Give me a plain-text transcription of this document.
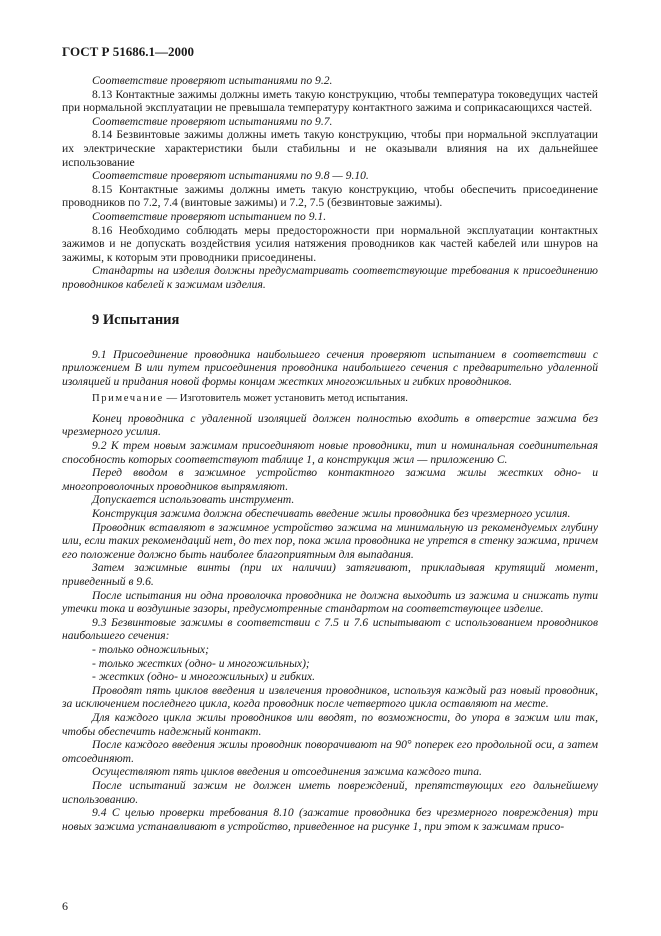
ГОСТ Р 51686.1—2000

Соответствие проверяют испытаниями по 9.2.

8.13 Контактные зажимы должны иметь такую конструкцию, чтобы температура токоведущих частей при нормальной эксплуатации не превышала температуру контактного зажима и соприкасающихся частей.

Соответствие проверяют испытаниями по 9.7.

8.14 Безвинтовые зажимы должны иметь такую конструкцию, чтобы при нормальной эксплуатации их электрические характеристики были стабильны и не оказывали влияния на их дальнейшее использование

Соответствие проверяют испытаниями по 9.8 — 9.10.

8.15 Контактные зажимы должны иметь такую конструкцию, чтобы обеспечить присоединение проводников по 7.2, 7.4 (винтовые зажимы) и 7.2, 7.5 (безвинтовые зажимы).

Соответствие проверяют испытанием по 9.1.

8.16 Необходимо соблюдать меры предосторожности при нормальной эксплуатации контактных зажимов и не допускать воздействия усилия натяжения проводников как частей кабелей или шнуров на зажимы, к которым эти проводники присоединены.

Стандарты на изделия должны предусматривать соответствующие требования к присоединению проводников кабелей к зажимам изделия.

9 Испытания

9.1 Присоединение проводника наибольшего сечения проверяют испытанием в соответствии с приложением В или путем присоединения проводника наибольшего сечения с предварительно удаленной изоляцией и придания новой формы концам жестких многожильных и гибких проводников.

Примечание — Изготовитель может установить метод испытания.

Конец проводника с удаленной изоляцией должен полностью входить в отверстие зажима без чрезмерного усилия.

9.2 К трем новым зажимам присоединяют новые проводники, тип и номинальная соединительная способность которых соответствуют таблице 1, а конструкция жил — приложению С.

Перед вводом в зажимное устройство контактного зажима жилы жестких одно- и многопроволочных проводников выпрямляют.

Допускается использовать инструмент.

Конструкция зажима должна обеспечивать введение жилы проводника без чрезмерного усилия.

Проводник вставляют в зажимное устройство зажима на минимальную из рекомендуемых глубину или, если таких рекомендаций нет, до тех пор, пока жила проводника не упрется в стенку зажима, причем его положение должно быть наиболее благоприятным для выпадания.

Затем зажимные винты (при их наличии) затягивают, прикладывая крутящий момент, приведенный в 9.6.

После испытания ни одна проволочка проводника не должна выходить из зажима и снижать пути утечки тока и воздушные зазоры, предусмотренные стандартом на соответствующее изделие.

9.3 Безвинтовые зажимы в соответствии с 7.5 и 7.6 испытывают с использованием проводников наибольшего сечения:

- только одножильных;

- только жестких (одно- и многожильных);

- жестких (одно- и многожильных) и гибких.

Проводят пять циклов введения и извлечения проводников, используя каждый раз новый проводник, за исключением последнего цикла, когда проводник после четвертого цикла оставляют на месте.

Для каждого цикла жилы проводников или вводят, по возможности, до упора в зажим или так, чтобы обеспечить надежный контакт.

После каждого введения жилы проводник поворачивают на 90° поперек его продольной оси, а затем отсоединяют.

Осуществляют пять циклов введения и отсоединения зажима каждого типа.

После испытаний зажим не должен иметь повреждений, препятствующих его дальнейшему использованию.

9.4 С целью проверки требования 8.10 (зажатие проводника без чрезмерного повреждения) три новых зажима устанавливают в устройство, приведенное на рисунке 1, при этом к зажимам присо-

6
